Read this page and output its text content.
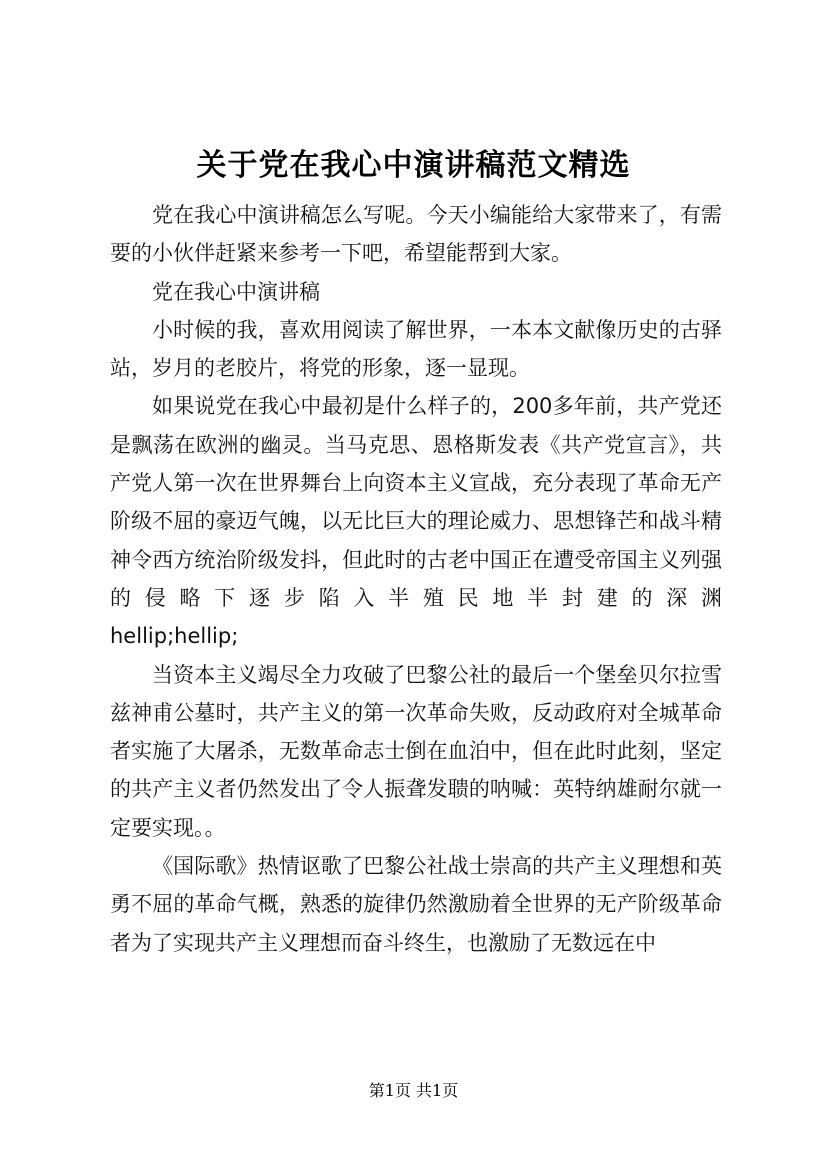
关于党在我心中演讲稿范文精选

党在我心中演讲稿怎么写呢。今天小编能给大家带来了，有需要的小伙伴赶紧来参考一下吧，希望能帮到大家。

党在我心中演讲稿

小时候的我，喜欢用阅读了解世界，一本本文献像历史的古驿站，岁月的老胶片，将党的形象，逐一显现。

如果说党在我心中最初是什么样子的，200多年前，共产党还是飘荡在欧洲的幽灵。当马克思、恩格斯发表《共产党宣言》，共产党人第一次在世界舞台上向资本主义宣战，充分表现了革命无产阶级不屈的豪迈气魄，以无比巨大的理论威力、思想锋芒和战斗精神令西方统治阶级发抖，但此时的古老中国正在遭受帝国主义列强的侵略下逐步陷入半殖民地半封建的深渊

hellip;hellip;

当资本主义竭尽全力攻破了巴黎公社的最后一个堡垒贝尔拉雪兹神甫公墓时，共产主义的第一次革命失败，反动政府对全城革命者实施了大屠杀，无数革命志士倒在血泊中，但在此时此刻，坚定的共产主义者仍然发出了令人振聋发聩的呐喊：英特纳雄耐尔就一定要实现。。

《国际歌》热情讴歌了巴黎公社战士崇高的共产主义理想和英勇不屈的革命气概，熟悉的旋律仍然激励着全世界的无产阶级革命者为了实现共产主义理想而奋斗终生，也激励了无数远在中

第1页 共1页
